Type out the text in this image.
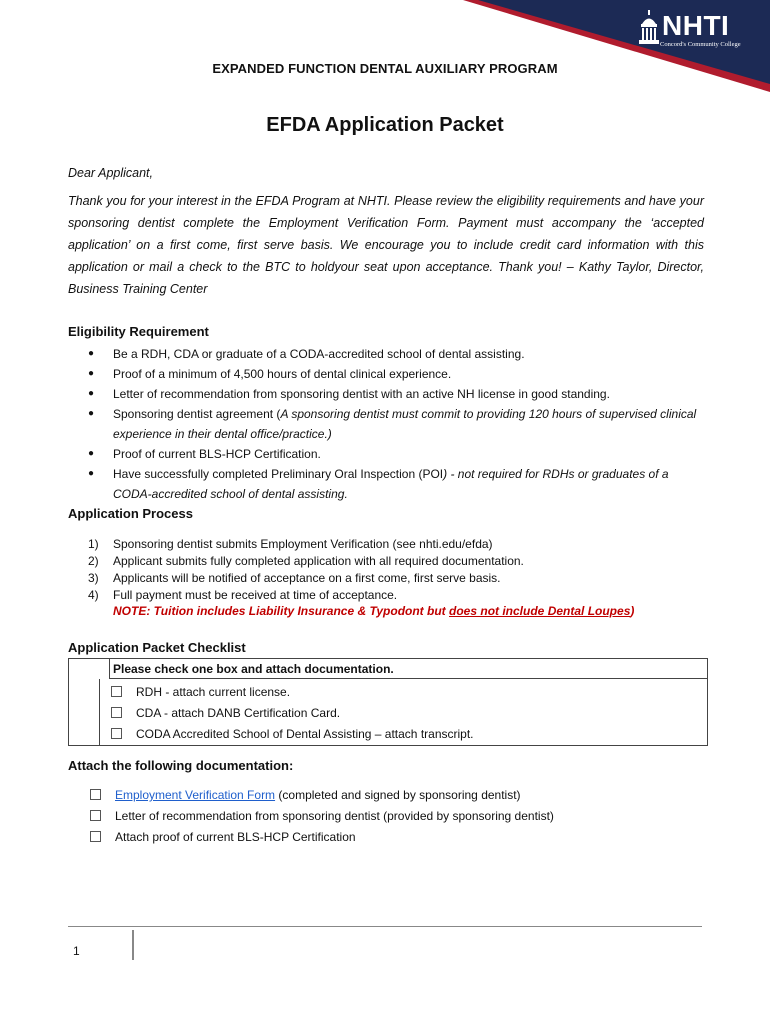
NHTI
Concord's Community College
EXPANDED FUNCTION DENTAL AUXILIARY PROGRAM
EFDA Application Packet
Dear Applicant,
Thank you for your interest in the EFDA Program at NHTI. Please review the eligibility requirements and have your sponsoring dentist complete the Employment Verification Form. Payment must accompany the ‘accepted application’ on a first come, first serve basis. We encourage you to include credit card information with this application or mail a check to the BTC to holdyour seat upon acceptance. Thank you! – Kathy Taylor, Director, Business Training Center
Eligibility Requirement
● Be a RDH, CDA or graduate of a CODA-accredited school of dental assisting.
● Proof of a minimum of 4,500 hours of dental clinical experience.
● Letter of recommendation from sponsoring dentist with an active NH license in good standing.
● Sponsoring dentist agreement (A sponsoring dentist must commit to providing 120 hours of supervised clinical experience in their dental office/practice.)
● Proof of current BLS-HCP Certification.
● Have successfully completed Preliminary Oral Inspection (POI) - not required for RDHs or graduates of a CODA-accredited school of dental assisting.
Application Process
1) Sponsoring dentist submits Employment Verification (see nhti.edu/efda)
2) Applicant submits fully completed application with all required documentation.
3) Applicants will be notified of acceptance on a first come, first serve basis.
4) Full payment must be received at time of acceptance.
NOTE: Tuition includes Liability Insurance & Typodont but does not include Dental Loupes)
Application Packet Checklist
Please check one box and attach documentation.
RDH - attach current license.
CDA - attach DANB Certification Card.
CODA Accredited School of Dental Assisting – attach transcript.
Attach the following documentation:
Employment Verification Form (completed and signed by sponsoring dentist)
Letter of recommendation from sponsoring dentist (provided by sponsoring dentist)
Attach proof of current BLS-HCP Certification
1
